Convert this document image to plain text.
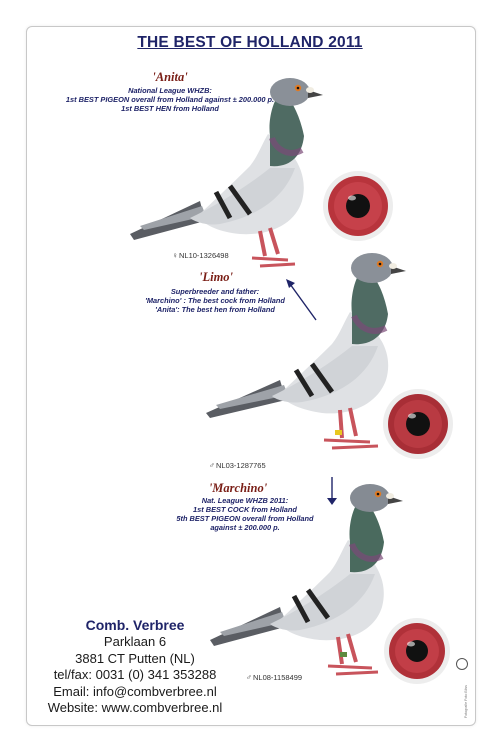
THE BEST OF HOLLAND 2011
'Anita'
National League WHZB:
1st BEST PIGEON overall from Holland against ± 200.000 p.
1st BEST HEN from Holland
♀NL10-1326498
'Limo'
Superbreeder and father:
'Marchino' : The best cock from Holland
'Anita': The best hen from Holland
♂NL03-1287765
'Marchino'
Nat. League WHZB 2011:
1st BEST COCK from Holland
5th BEST PIGEON overall from Holland
against ± 200.000 p.
♂NL08-1158499
Comb. Verbree
Parklaan 6
3881 CT Putten (NL)
tel/fax: 0031 (0) 341 353288
Email: info@combverbree.nl
Website: www.combverbree.nl	Fotografie Foto Bliss
